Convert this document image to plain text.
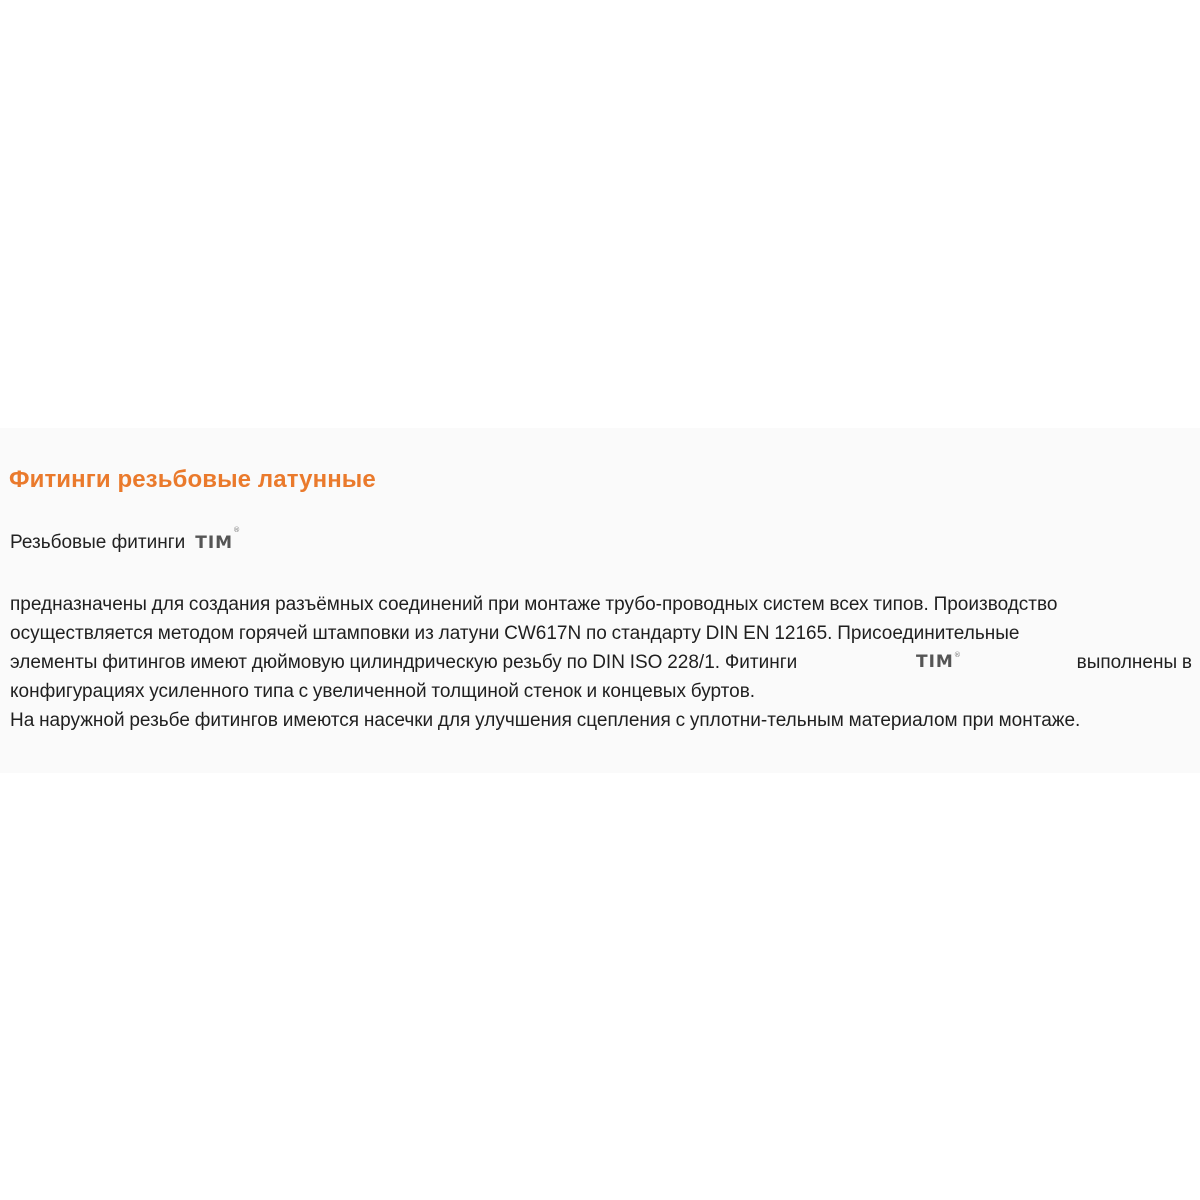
Фитинги резьбовые латунные
Резьбовые фитинги TIM
®
предназначены для создания разъёмных соединений при монтаже трубо-проводных систем всех типов. Производство
осуществляется методом горячей штамповки из латуни CW617N по стандарту DIN EN 12165. Присоединительные
элементы фитингов имеют дюймовую цилиндрическую резьбу по DIN ISO 228/1. Фитинги	TIM ®	выполнены в
конфигурациях усиленного типа с увеличенной толщиной стенок и концевых буртов.
На наружной резьбе фитингов имеются насечки для улучшения сцепления с уплотни-тельным материалом при монтаже.
